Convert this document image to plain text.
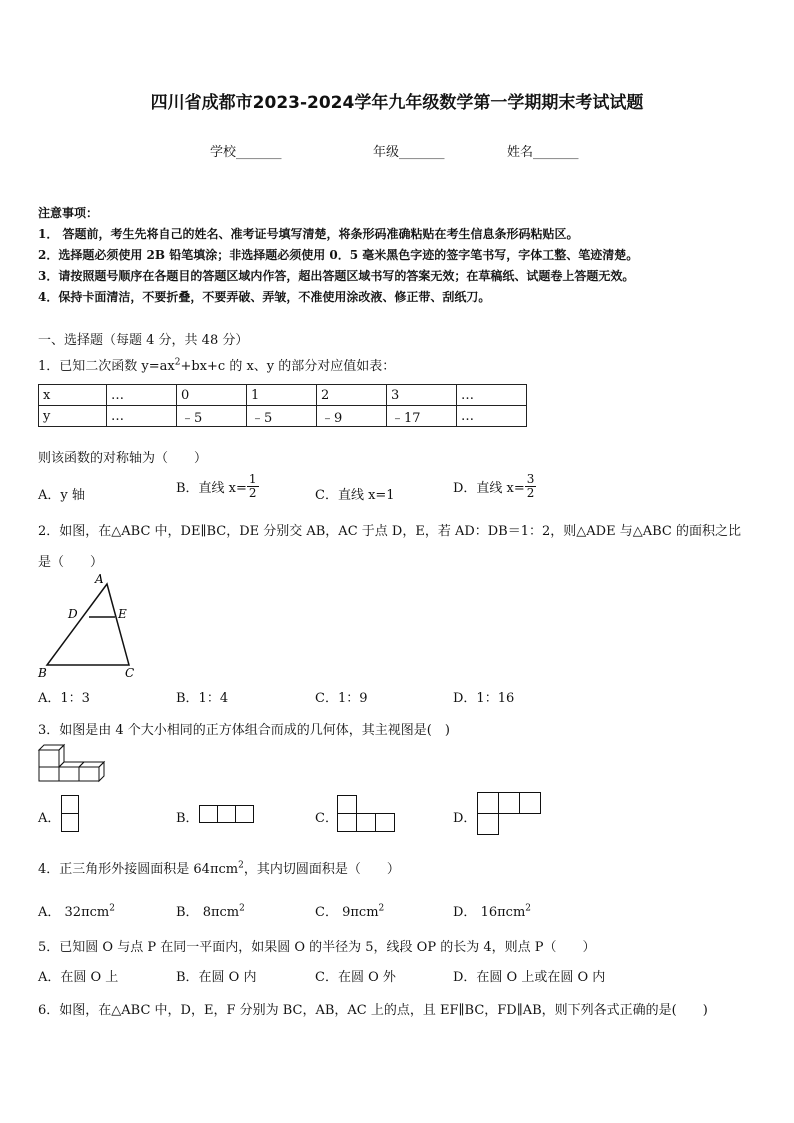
四川省成都市2023-2024学年九年级数学第一学期期末考试试题
学校_______	年级_______	姓名_______
注意事项：
1． 答题前，考生先将自己的姓名、准考证号填写清楚，将条形码准确粘贴在考生信息条形码粘贴区。
2．选择题必须使用 2B 铅笔填涂；非选择题必须使用 0．5 毫米黑色字迹的签字笔书写，字体工整、笔迹清楚。
3．请按照题号顺序在各题目的答题区域内作答，超出答题区域书写的答案无效；在草稿纸、试题卷上答题无效。
4．保持卡面清洁，不要折叠，不要弄破、弄皱，不准使用涂改液、修正带、刮纸刀。
一、选择题（每题 4 分，共 48 分）
1．已知二次函数 $y=ax^2+bx+c$ 的 x、y 的部分对应值如表：
x	…	0	1	2	3	…
y	…	﹣5	﹣5	﹣9	﹣17	…
则该函数的对称轴为（　　）
A．y 轴	B．直线 $x= \frac{1}{2}$	C．直线 x=1	D．直线 $x= \frac{3}{2}$
2．如图，在△ABC 中，DE∥BC，DE 分别交 AB，AC 于点 D，E，若 AD：DB＝1：2，则△ADE 与△ABC 的面积之比
是（　　）
A
D	E
B	C
A．1：3	B．1：4	C．1：9	D．1：16
3．如图是由 4 个大小相同的正方体组合而成的几何体，其主视图是(　)
A．	B．	C．	D．
4．正三角形外接圆面积是 64πcm$^2$，其内切圆面积是（　　）
A． 32πcm$^2$	B． 8πcm$^2$	C． 9πcm$^2$	D． 16πcm$^2$
5．已知圆 O 与点 P 在同一平面内，如果圆 O 的半径为 5，线段 OP 的长为 4，则点 P（　　）
A．在圆 O 上	B．在圆 O 内	C．在圆 O 外	D．在圆 O 上或在圆 O 内
6．如图，在△ABC 中，D，E，F 分别为 BC，AB，AC 上的点，且 EF∥BC，FD∥AB，则下列各式正确的是(　　)
